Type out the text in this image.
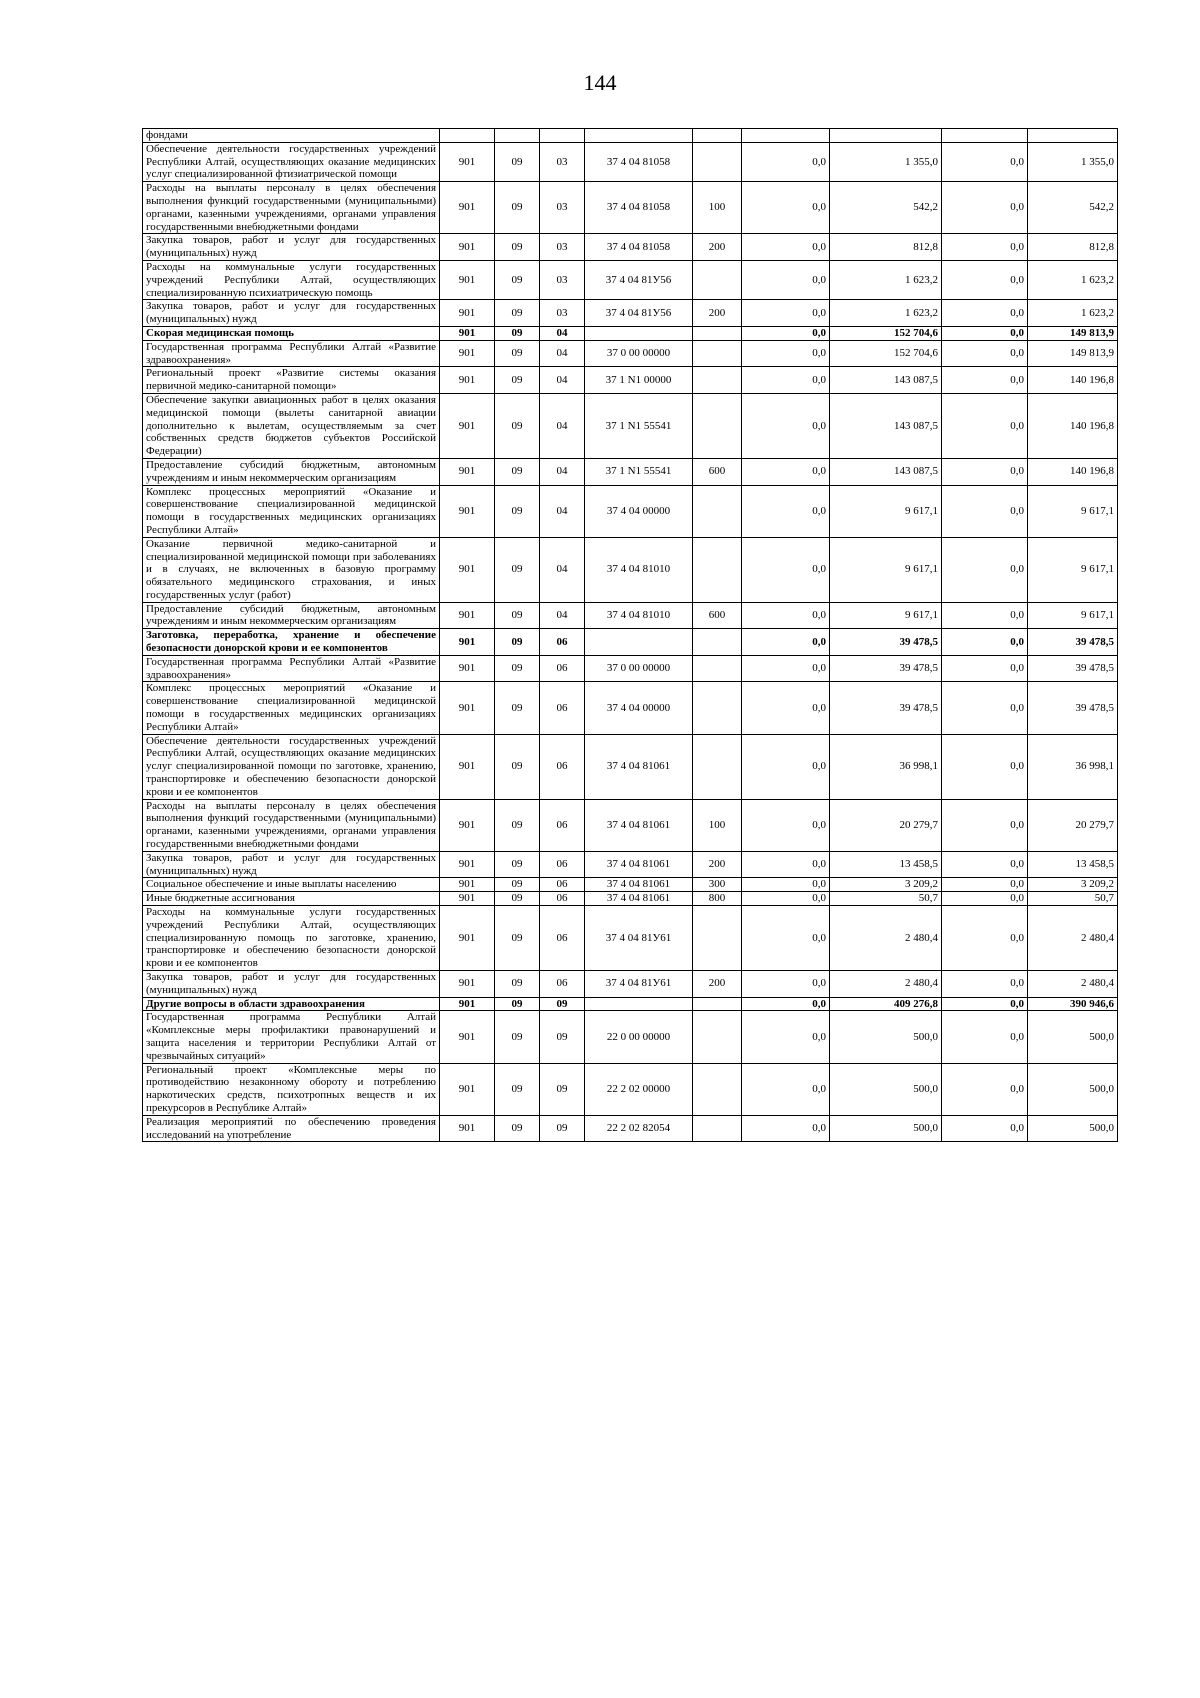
144
фондами									
Обеспечение деятельности государственных учреждений Республики Алтай, осуществляющих оказание медицинских услуг специализированной фтизиатрической помощи	901	09	03	37 4 04 81058		0,0	1 355,0	0,0	1 355,0
Расходы на выплаты персоналу в целях обеспечения выполнения функций государственными (муниципальными) органами, казенными учреждениями, органами управления государственными внебюджетными фондами	901	09	03	37 4 04 81058	100	0,0	542,2	0,0	542,2
Закупка товаров, работ и услуг для государственных (муниципальных) нужд	901	09	03	37 4 04 81058	200	0,0	812,8	0,0	812,8
Расходы на коммунальные услуги государственных учреждений Республики Алтай, осуществляющих специализированную психиатрическую помощь	901	09	03	37 4 04 81У56		0,0	1 623,2	0,0	1 623,2
Закупка товаров, работ и услуг для государственных (муниципальных) нужд	901	09	03	37 4 04 81У56	200	0,0	1 623,2	0,0	1 623,2
Скорая медицинская помощь	901	09	04			0,0	152 704,6	0,0	149 813,9
Государственная программа Республики Алтай «Развитие здравоохранения»	901	09	04	37 0 00 00000		0,0	152 704,6	0,0	149 813,9
Региональный проект «Развитие системы оказания первичной медико-санитарной помощи»	901	09	04	37 1 N1 00000		0,0	143 087,5	0,0	140 196,8
Обеспечение закупки авиационных работ в целях оказания медицинской помощи (вылеты санитарной авиации дополнительно к вылетам, осуществляемым за счет собственных средств бюджетов субъектов Российской Федерации)	901	09	04	37 1 N1 55541		0,0	143 087,5	0,0	140 196,8
Предоставление субсидий бюджетным, автономным учреждениям и иным некоммерческим организациям	901	09	04	37 1 N1 55541	600	0,0	143 087,5	0,0	140 196,8
Комплекс процессных мероприятий «Оказание и совершенствование специализированной медицинской помощи в государственных медицинских организациях Республики Алтай»	901	09	04	37 4 04 00000		0,0	9 617,1	0,0	9 617,1
Оказание первичной медико-санитарной и специализированной медицинской помощи при заболеваниях и в случаях, не включенных в базовую программу обязательного медицинского страхования, и иных государственных услуг (работ)	901	09	04	37 4 04 81010		0,0	9 617,1	0,0	9 617,1
Предоставление субсидий бюджетным, автономным учреждениям и иным некоммерческим организациям	901	09	04	37 4 04 81010	600	0,0	9 617,1	0,0	9 617,1
Заготовка, переработка, хранение и обеспечение безопасности донорской крови и ее компонентов	901	09	06			0,0	39 478,5	0,0	39 478,5
Государственная программа Республики Алтай «Развитие здравоохранения»	901	09	06	37 0 00 00000		0,0	39 478,5	0,0	39 478,5
Комплекс процессных мероприятий «Оказание и совершенствование специализированной медицинской помощи в государственных медицинских организациях Республики Алтай»	901	09	06	37 4 04 00000		0,0	39 478,5	0,0	39 478,5
Обеспечение деятельности государственных учреждений Республики Алтай, осуществляющих оказание медицинских услуг специализированной помощи по заготовке, хранению, транспортировке и обеспечению безопасности донорской крови и ее компонентов	901	09	06	37 4 04 81061		0,0	36 998,1	0,0	36 998,1
Расходы на выплаты персоналу в целях обеспечения выполнения функций государственными (муниципальными) органами, казенными учреждениями, органами управления государственными внебюджетными фондами	901	09	06	37 4 04 81061	100	0,0	20 279,7	0,0	20 279,7
Закупка товаров, работ и услуг для государственных (муниципальных) нужд	901	09	06	37 4 04 81061	200	0,0	13 458,5	0,0	13 458,5
Социальное обеспечение и иные выплаты населению	901	09	06	37 4 04 81061	300	0,0	3 209,2	0,0	3 209,2
Иные бюджетные ассигнования	901	09	06	37 4 04 81061	800	0,0	50,7	0,0	50,7
Расходы на коммунальные услуги государственных учреждений Республики Алтай, осуществляющих специализированную помощь по заготовке, хранению, транспортировке и обеспечению безопасности донорской крови и ее компонентов	901	09	06	37 4 04 81У61		0,0	2 480,4	0,0	2 480,4
Закупка товаров, работ и услуг для государственных (муниципальных) нужд	901	09	06	37 4 04 81У61	200	0,0	2 480,4	0,0	2 480,4
Другие вопросы в области здравоохранения	901	09	09			0,0	409 276,8	0,0	390 946,6
Государственная программа Республики Алтай «Комплексные меры профилактики правонарушений и защита населения и территории Республики Алтай от чрезвычайных ситуаций»	901	09	09	22 0 00 00000		0,0	500,0	0,0	500,0
Региональный проект «Комплексные меры по противодействию незаконному обороту и потреблению наркотических средств, психотропных веществ и их прекурсоров в Республике Алтай»	901	09	09	22 2 02 00000		0,0	500,0	0,0	500,0
Реализация мероприятий по обеспечению проведения исследований на употребление	901	09	09	22 2 02 82054		0,0	500,0	0,0	500,0
